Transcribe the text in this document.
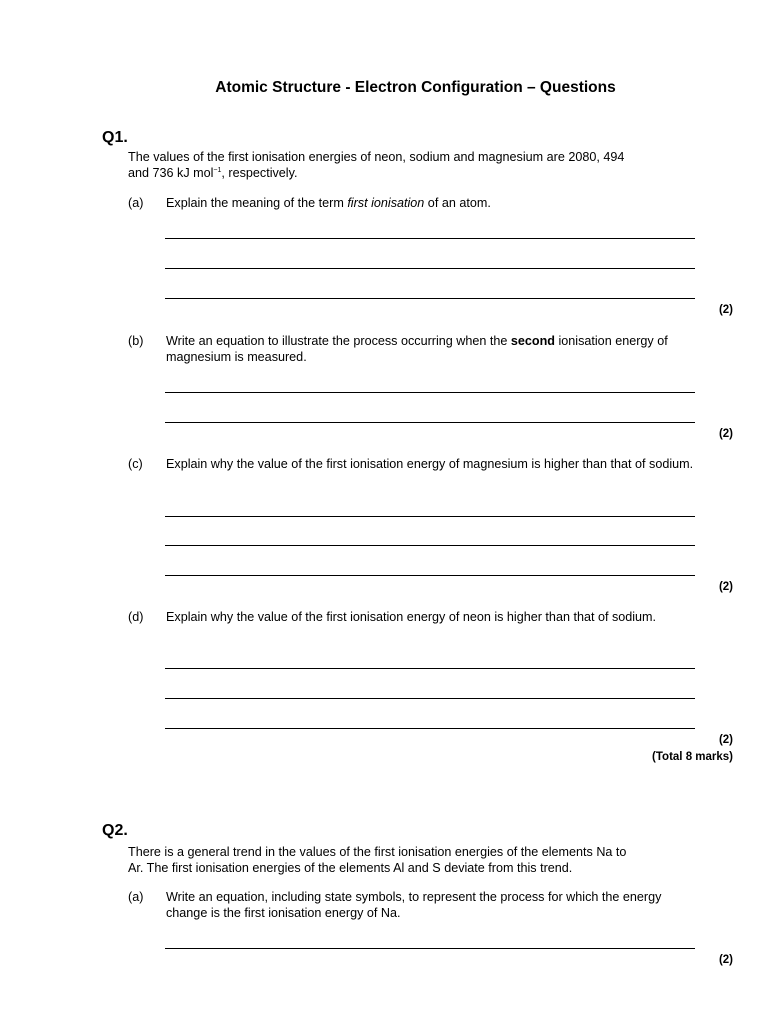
Atomic Structure - Electron Configuration – Questions
Q1.
The values of the first ionisation energies of neon, sodium and magnesium are 2080, 494
and 736 kJ mol$^{-1}$, respectively.
(a) Explain the meaning of the term first ionisation of an atom.
(2)
(b) Write an equation to illustrate the process occurring when the second ionisation energy of magnesium is measured.
(2)
(c) Explain why the value of the first ionisation energy of magnesium is higher than that of sodium.
(2)
(d) Explain why the value of the first ionisation energy of neon is higher than that of sodium.
(2)
(Total 8 marks)
Q2.
There is a general trend in the values of the first ionisation energies of the elements Na to
Ar. The first ionisation energies of the elements Al and S deviate from this trend.
(a) Write an equation, including state symbols, to represent the process for which the energy change is the first ionisation energy of Na.
(2)
